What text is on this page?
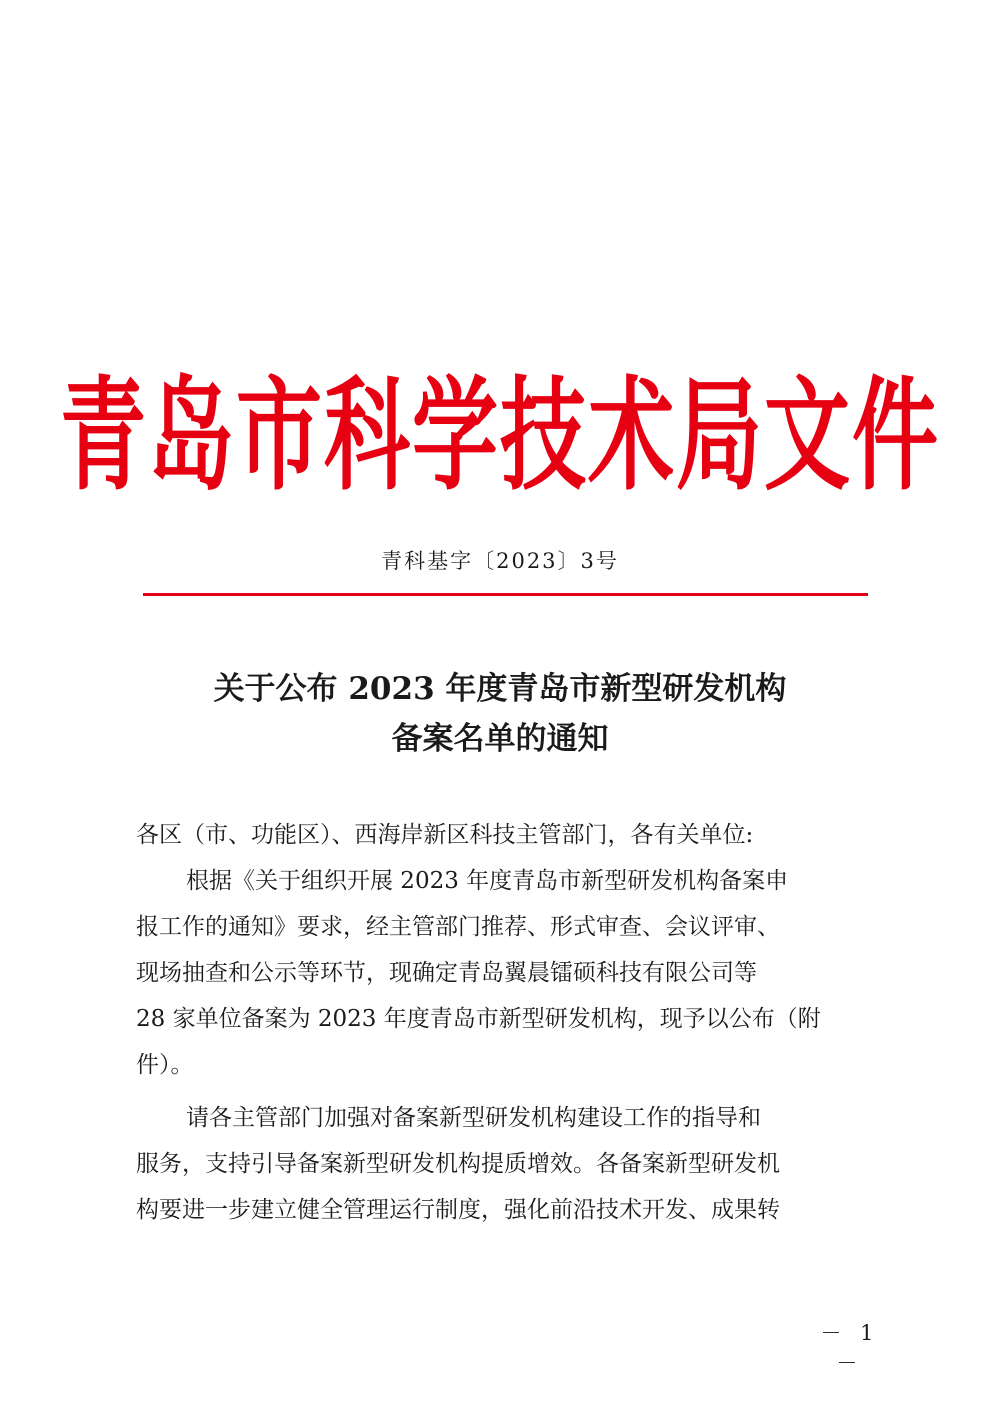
青岛市科学技术局文件
青科基字〔2023〕3号
关于公布 2023 年度青岛市新型研发机构
备案名单的通知
各区（市、功能区）、西海岸新区科技主管部门，各有关单位:
根据《关于组织开展 2023 年度青岛市新型研发机构备案申
报工作的通知》要求，经主管部门推荐、形式审查、会议评审、
现场抽查和公示等环节，现确定青岛翼晨镭硕科技有限公司等
28 家单位备案为 2023 年度青岛市新型研发机构，现予以公布（附
件）。
请各主管部门加强对备案新型研发机构建设工作的指导和
服务，支持引导备案新型研发机构提质增效。各备案新型研发机
构要进一步建立健全管理运行制度，强化前沿技术开发、成果转
－ 1 －
